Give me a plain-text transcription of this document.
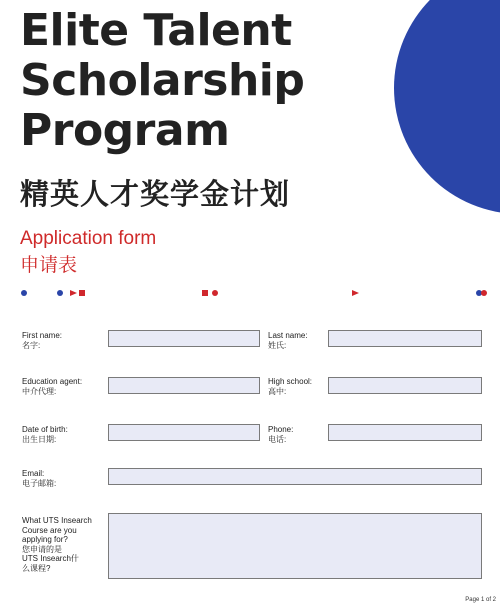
Elite Talent
Scholarship
Program
精英人才奖学金计划
Application form
申请表
First name:
名字:
Last name:
姓氏:
Education agent:
中介代理:
High school:
高中:
Date of birth:
出生日期:
Phone:
电话:
Email:
电子邮箱:
What UTS Insearch
Course are you
applying for?
您申请的是
UTS Insearch什
么课程?
Page 1 of 2
